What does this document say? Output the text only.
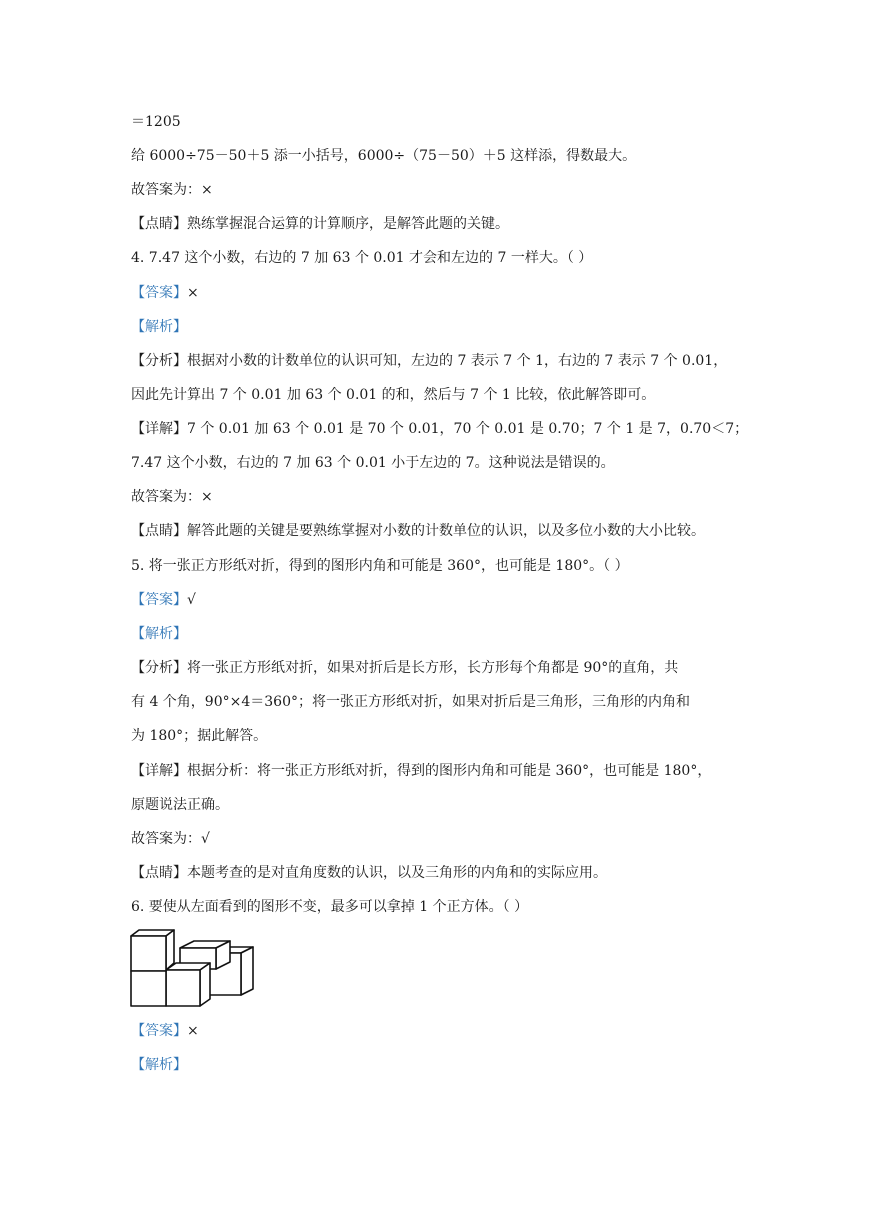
＝1205
给 6000÷75－50＋5 添一小括号，6000÷（75－50）＋5 这样添，得数最大。
故答案为：×
【点睛】熟练掌握混合运算的计算顺序，是解答此题的关键。
4. 7.47 这个小数，右边的 7 加 63 个 0.01 才会和左边的 7 一样大。（ ）
【答案】×
【解析】
【分析】根据对小数的计数单位的认识可知，左边的 7 表示 7 个 1，右边的 7 表示 7 个 0.01，
因此先计算出 7 个 0.01 加 63 个 0.01 的和，然后与 7 个 1 比较，依此解答即可。
【详解】7 个 0.01 加 63 个 0.01 是 70 个 0.01，70 个 0.01 是 0.70；7 个 1 是 7，0.70＜7；
7.47 这个小数，右边的 7 加 63 个 0.01 小于左边的 7。这种说法是错误的。
故答案为：×
【点睛】解答此题的关键是要熟练掌握对小数的计数单位的认识，以及多位小数的大小比较。
5. 将一张正方形纸对折，得到的图形内角和可能是 360°，也可能是 180°。（ ）
【答案】√
【解析】
【分析】将一张正方形纸对折，如果对折后是长方形，长方形每个角都是 90°的直角，共
有 4 个角，90°×4＝360°；将一张正方形纸对折，如果对折后是三角形，三角形的内角和
为 180°；据此解答。
【详解】根据分析：将一张正方形纸对折，得到的图形内角和可能是 360°，也可能是 180°，
原题说法正确。
故答案为：√
【点睛】本题考查的是对直角度数的认识，以及三角形的内角和的实际应用。
6. 要使从左面看到的图形不变，最多可以拿掉 1 个正方体。（ ）
【答案】×
【解析】
